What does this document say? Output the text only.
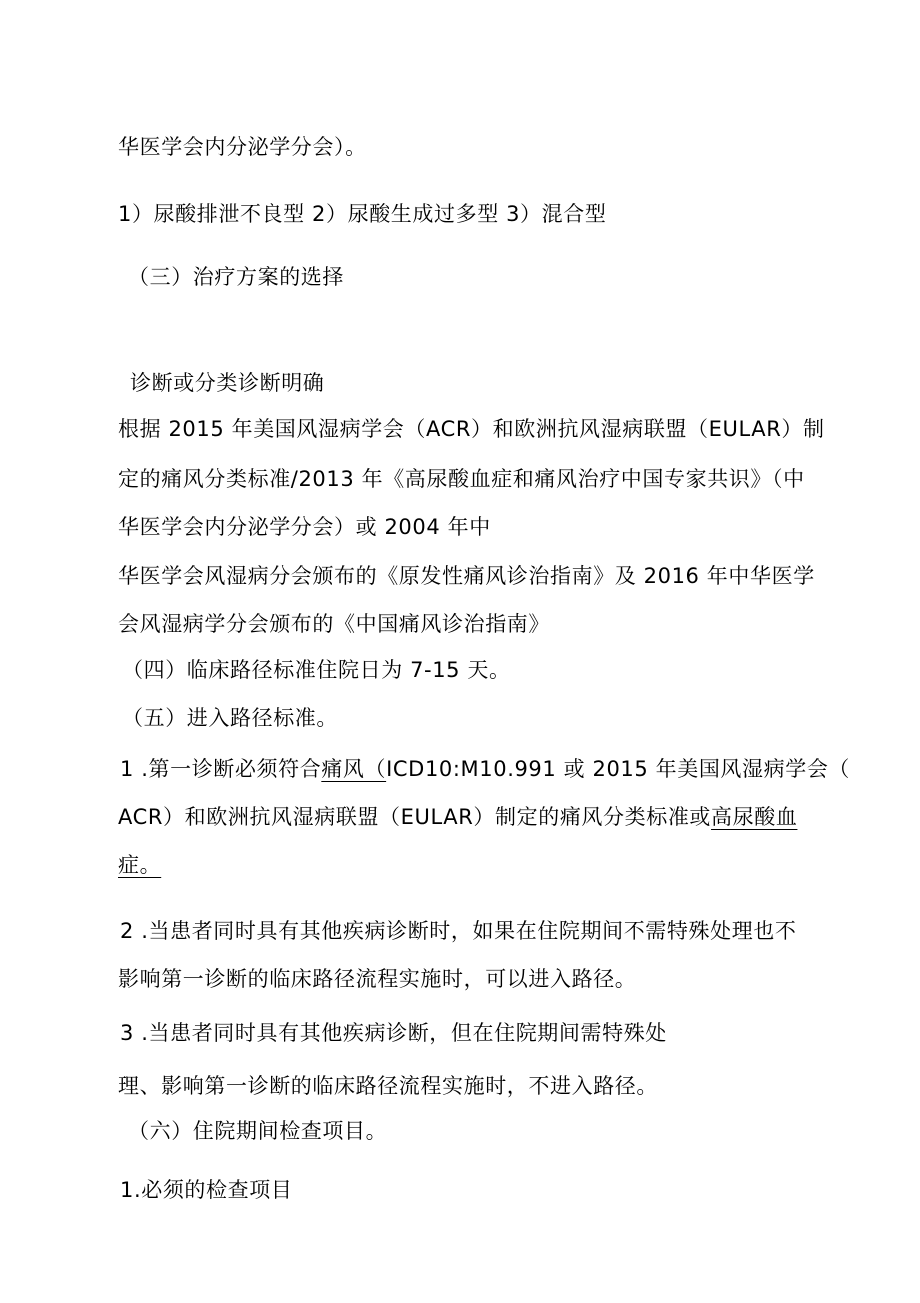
华医学会内分泌学分会）。
1）尿酸排泄不良型 2）尿酸生成过多型 3）混合型
（三）治疗方案的选择
诊断或分类诊断明确
根据 2015 年美国风湿病学会（ACR）和欧洲抗风湿病联盟（EULAR）制
定的痛风分类标准/2013 年《高尿酸血症和痛风治疗中国专家共识》（中
华医学会内分泌学分会）或 2004 年中
华医学会风湿病分会颁布的《原发性痛风诊治指南》及 2016 年中华医学
会风湿病学分会颁布的《中国痛风诊治指南》
（四）临床路径标准住院日为 7-15 天。
（五）进入路径标准。
1 .第一诊断必须符合痛风（ICD10:M10.991 或 2015 年美国风湿病学会（
ACR）和欧洲抗风湿病联盟（EULAR）制定的痛风分类标准或高尿酸血
症。
2 .当患者同时具有其他疾病诊断时，如果在住院期间不需特殊处理也不
影响第一诊断的临床路径流程实施时，可以进入路径。
3 .当患者同时具有其他疾病诊断，但在住院期间需特殊处
理、影响第一诊断的临床路径流程实施时，不进入路径。
（六）住院期间检查项目。
1.必须的检查项目
